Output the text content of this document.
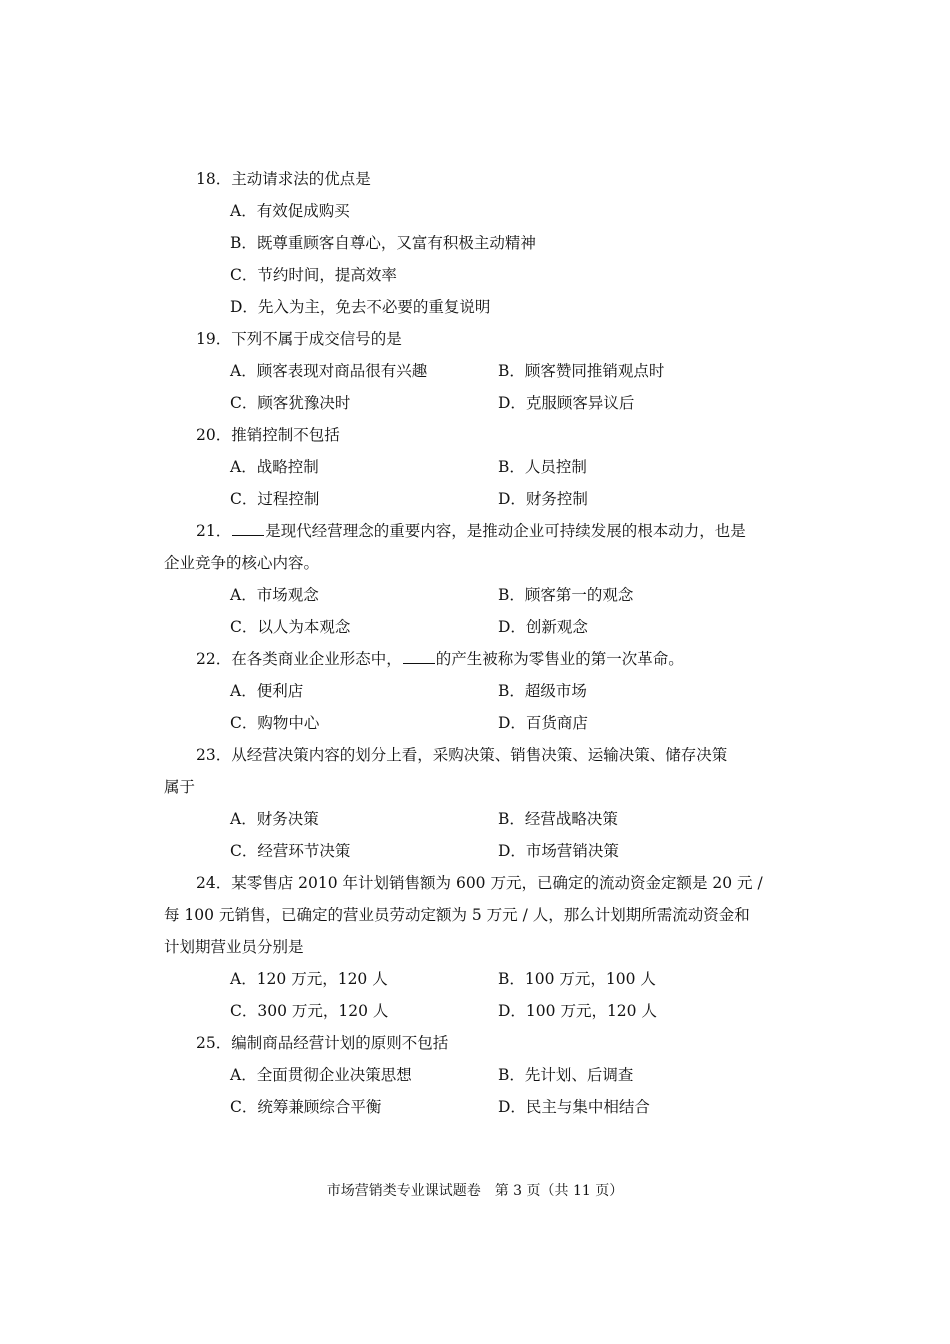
18．主动请求法的优点是
A．有效促成购买
B．既尊重顾客自尊心，又富有积极主动精神
C．节约时间，提高效率
D．先入为主，免去不必要的重复说明
19．下列不属于成交信号的是
A．顾客表现对商品很有兴趣	B．顾客赞同推销观点时
C．顾客犹豫决时	D．克服顾客异议后
20．推销控制不包括
A．战略控制	B．人员控制
C．过程控制	D．财务控制
21． 是现代经营理念的重要内容，是推动企业可持续发展的根本动力，也是
企业竞争的核心内容。
A．市场观念	B．顾客第一的观念
C．以人为本观念	D．创新观念
22．在各类商业企业形态中， 的产生被称为零售业的第一次革命。
A．便利店	B．超级市场
C．购物中心	D．百货商店
23．从经营决策内容的划分上看，采购决策、销售决策、运输决策、储存决策
属于
A．财务决策	B．经营战略决策
C．经营环节决策	D．市场营销决策
24．某零售店 2010 年计划销售额为 600 万元，已确定的流动资金定额是 20 元 /
每 100 元销售，已确定的营业员劳动定额为 5 万元 / 人，那么计划期所需流动资金和
计划期营业员分别是
A．120 万元，120 人	B．100 万元，100 人
C．300 万元，120 人	D．100 万元，120 人
25．编制商品经营计划的原则不包括
A．全面贯彻企业决策思想	B．先计划、后调查
C．统筹兼顾综合平衡	D．民主与集中相结合
市场营销类专业课试题卷　第 3 页（共 11 页）
